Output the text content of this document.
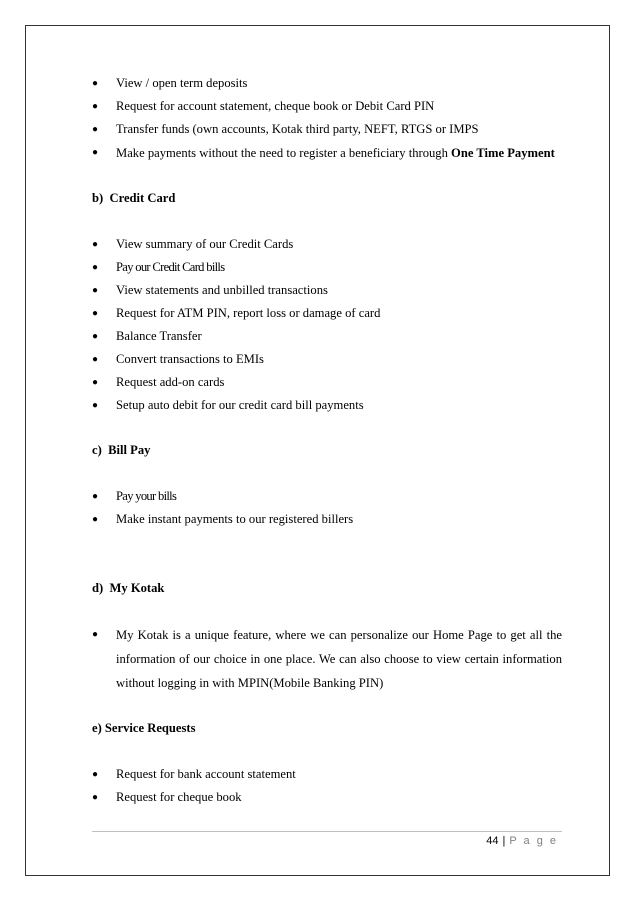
● View / open term deposits
● Request for account statement, cheque book or Debit Card PIN
● Transfer funds (own accounts, Kotak third party, NEFT, RTGS or IMPS
● Make payments without the need to register a beneficiary through One Time Payment
b)  Credit Card
● View summary of our Credit Cards
● Pay our Credit Card bills
● View statements and unbilled transactions
● Request for ATM PIN, report loss or damage of card
● Balance Transfer
● Convert transactions to EMIs
● Request add-on cards
● Setup auto debit for our credit card bill payments
c)  Bill Pay
● Pay your bills
● Make instant payments to our registered billers
d)  My Kotak
● My Kotak is a unique feature, where we can personalize our Home Page to get all the information of our choice in one place. We can also choose to view certain information without logging in with MPIN(Mobile Banking PIN)
e) Service Requests
● Request for bank account statement
● Request for cheque book
44 | P a g e
